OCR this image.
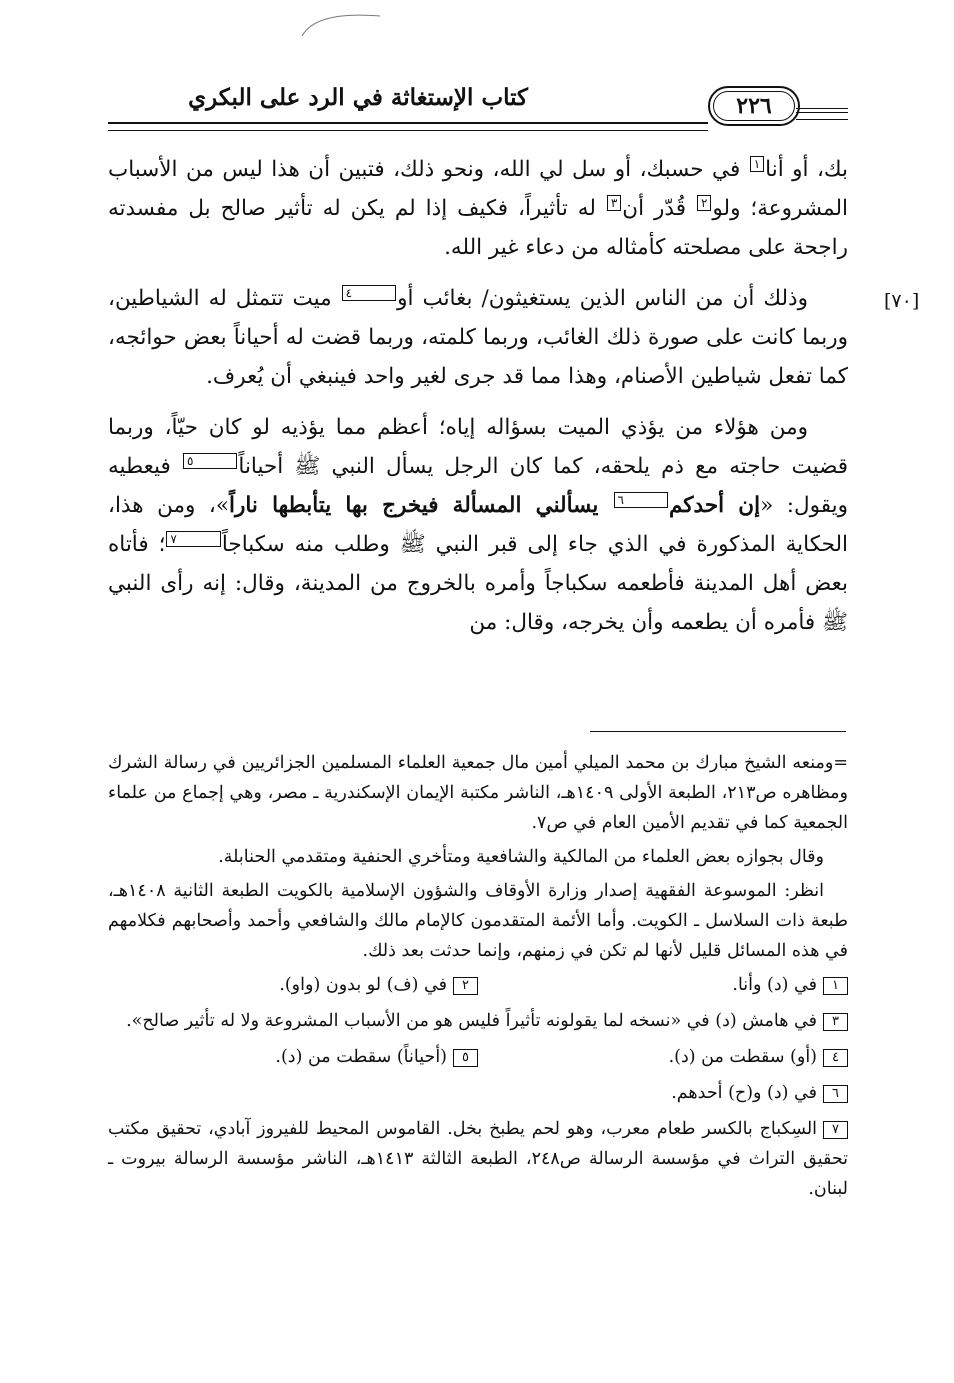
كتاب الإستغاثة في الرد على البكري	٢٢٦
[٧٠]

بك، أو أنا١ في حسبك، أو سل لي الله، ونحو ذلك، فتبين أن هذا ليس من الأسباب المشروعة؛ ولو٢ قُدّر أن٣ له تأثيراً، فكيف إذا لم يكن له تأثير صالح بل مفسدته راجحة على مصلحته كأمثاله من دعاء غير الله.

وذلك أن من الناس الذين يستغيثون/ بغائب أو٤ ميت تتمثل له الشياطين، وربما كانت على صورة ذلك الغائب، وربما كلمته، وربما قضت له أحياناً بعض حوائجه، كما تفعل شياطين الأصنام، وهذا مما قد جرى لغير واحد فينبغي أن يُعرف.

ومن هؤلاء من يؤذي الميت بسؤاله إياه؛ أعظم مما يؤذيه لو كان حيّاً، وربما قضيت حاجته مع ذم يلحقه، كما كان الرجل يسأل النبي ﷺ أحياناً٥ فيعطيه ويقول: «إن أحدكم٦ يسألني المسألة فيخرج بها يتأبطها ناراً»، ومن هذا، الحكاية المذكورة في الذي جاء إلى قبر النبي ﷺ وطلب منه سكباجاً٧؛ فأتاه بعض أهل المدينة فأطعمه سكباجاً وأمره بالخروج من المدينة، وقال: إنه رأى النبي ﷺ فأمره أن يطعمه وأن يخرجه، وقال: من

=ومنعه الشيخ مبارك بن محمد الميلي أمين مال جمعية العلماء المسلمين الجزائريين في رسالة الشرك ومظاهره ص٢١٣، الطبعة الأولى ١٤٠٩هـ، الناشر مكتبة الإيمان الإسكندرية ـ مصر، وهي إجماع من علماء الجمعية كما في تقديم الأمين العام في ص٧.

وقال بجوازه بعض العلماء من المالكية والشافعية ومتأخري الحنفية ومتقدمي الحنابلة.

انظر: الموسوعة الفقهية إصدار وزارة الأوقاف والشؤون الإسلامية بالكويت الطبعة الثانية ١٤٠٨هـ، طبعة ذات السلاسل ـ الكويت. وأما الأئمة المتقدمون كالإمام مالك والشافعي وأحمد وأصحابهم فكلامهم في هذه المسائل قليل لأنها لم تكن في زمنهم، وإنما حدثت بعد ذلك.

١في (د) وأنا.
٢في (ف) لو بدون (واو).
٣في هامش (د) في «نسخه لما يقولونه تأثيراً فليس هو من الأسباب المشروعة ولا له تأثير صالح».
٤(أو) سقطت من (د).
٥(أحياناً) سقطت من (د).
٦في (د) و(ح) أحدهم.
٧السِكباج بالكسر طعام معرب، وهو لحم يطبخ بخل. القاموس المحيط للفيروز آبادي، تحقيق مكتب تحقيق التراث في مؤسسة الرسالة ص٢٤٨، الطبعة الثالثة ١٤١٣هـ، الناشر مؤسسة الرسالة بيروت ـ لبنان.
